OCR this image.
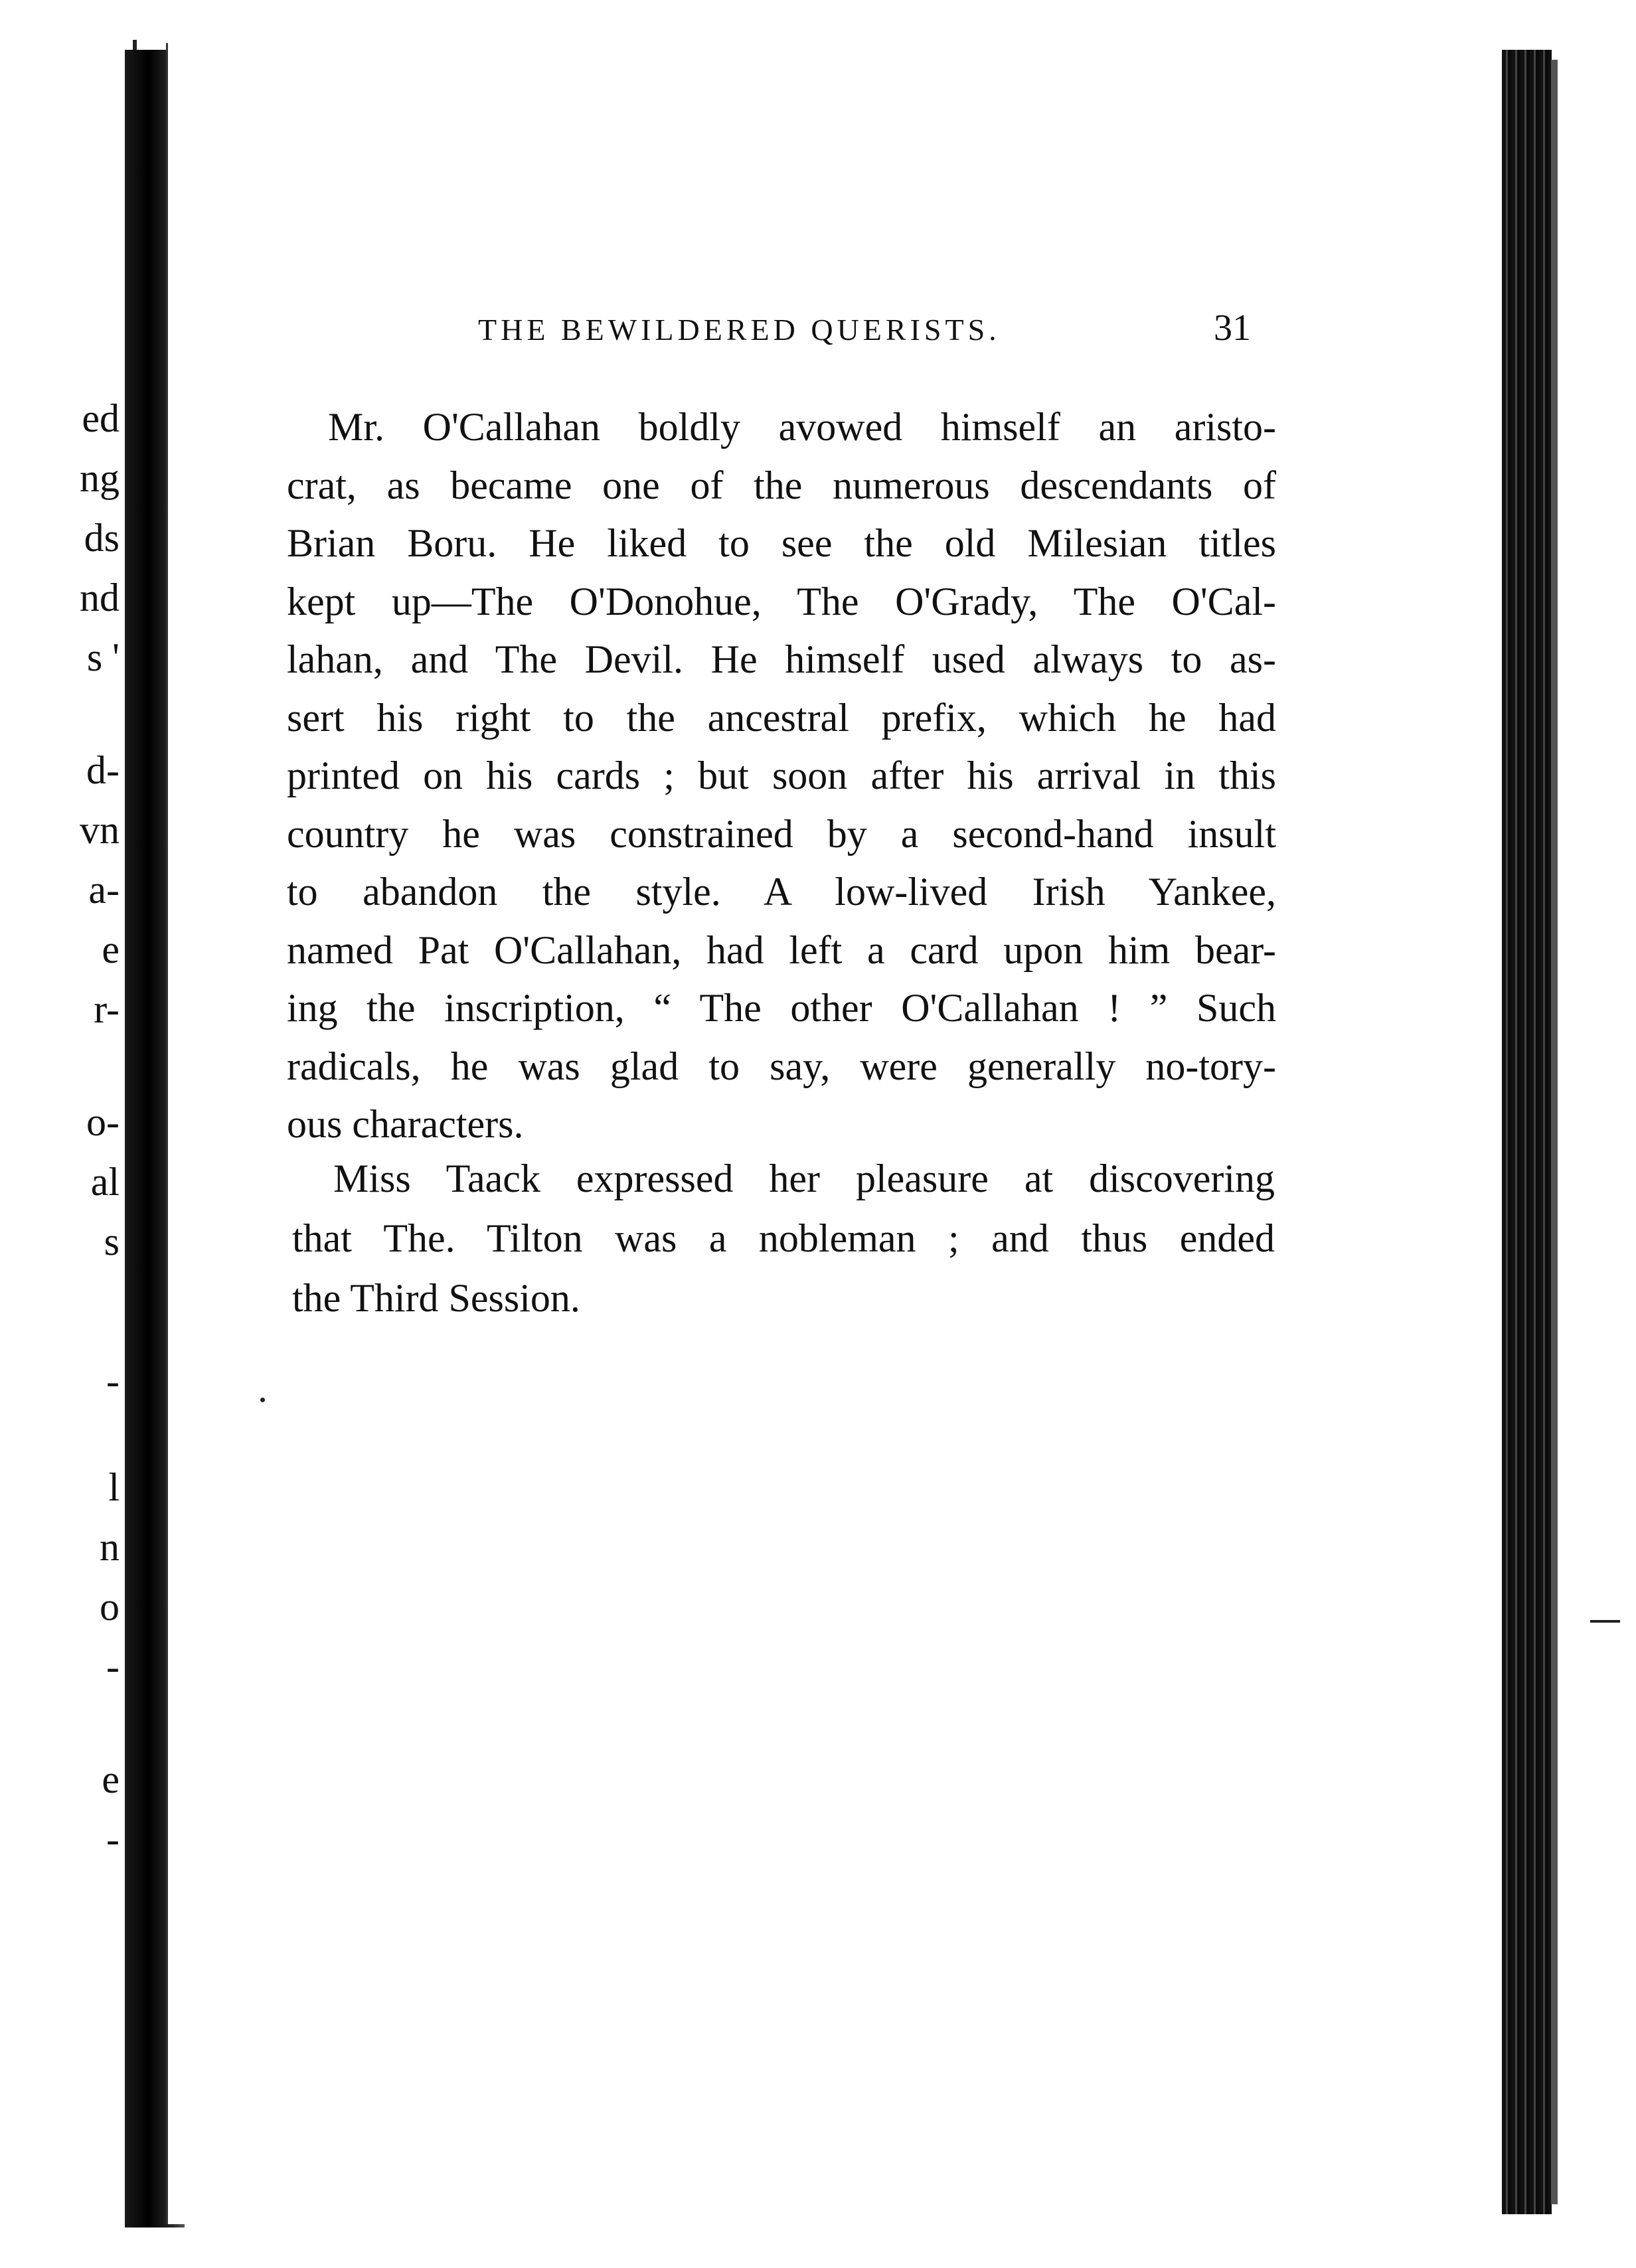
ed
ng
ds
nd
s '
d-
vn
a-
e
r-
o-
al
s
-
l
n
o
-
e
-
THE BEWILDERED QUERISTS.	31
Mr. O'Callahan boldly avowed himself an aristo-
crat, as became one of the numerous descendants of
Brian Boru. He liked to see the old Milesian titles
kept up—The O'Donohue, The O'Grady, The O'Cal-
lahan, and The Devil. He himself used always to as-
sert his right to the ancestral prefix, which he had
printed on his cards ; but soon after his arrival in this
country he was constrained by a second-hand insult
to abandon the style. A low-lived Irish Yankee,
named Pat O'Callahan, had left a card upon him bear-
ing the inscription, “ The other O'Callahan ! ” Such
radicals, he was glad to say, were generally no-tory-
ous characters.
Miss Taack expressed her pleasure at discovering
that The. Tilton was a nobleman ; and thus ended
the Third Session.
